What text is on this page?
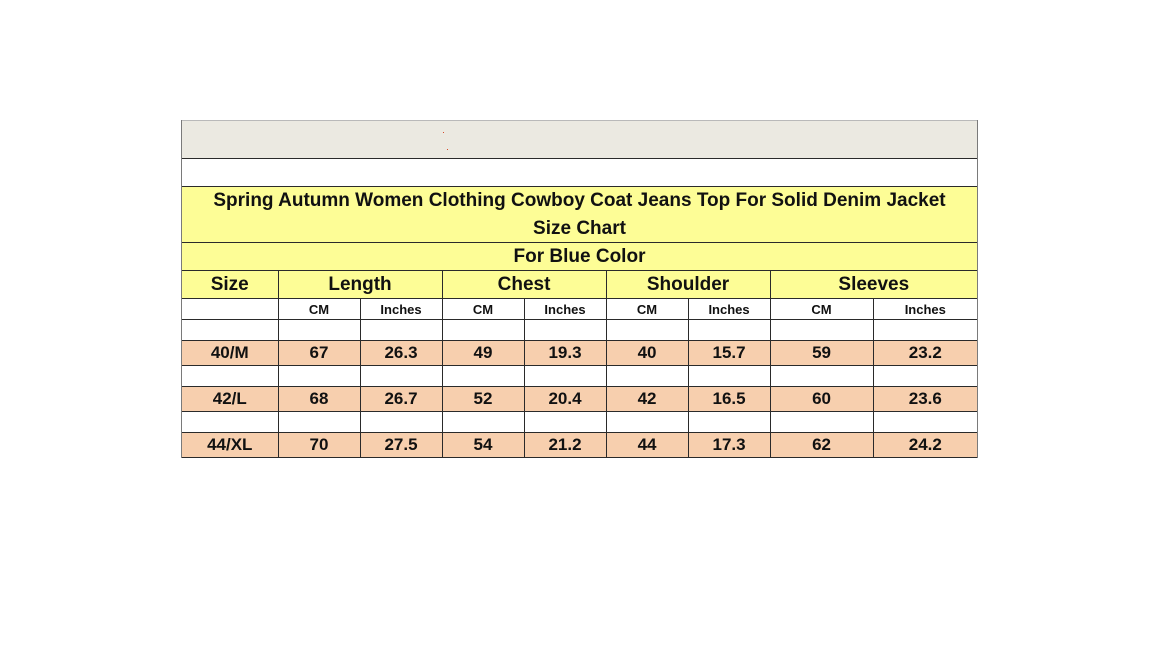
Spring Autumn Women Clothing Cowboy Coat Jeans Top For Solid Denim Jacket
Size Chart
For Blue Color
Size	Length		Chest		Shoulder		Sleeves	
	CM	Inches	CM	Inches	CM	Inches	CM	Inches

40/M	67	26.3	49	19.3	40	15.7	59	23.2

42/L	68	26.7	52	20.4	42	16.5	60	23.6

44/XL	70	27.5	54	21.2	44	17.3	62	24.2
